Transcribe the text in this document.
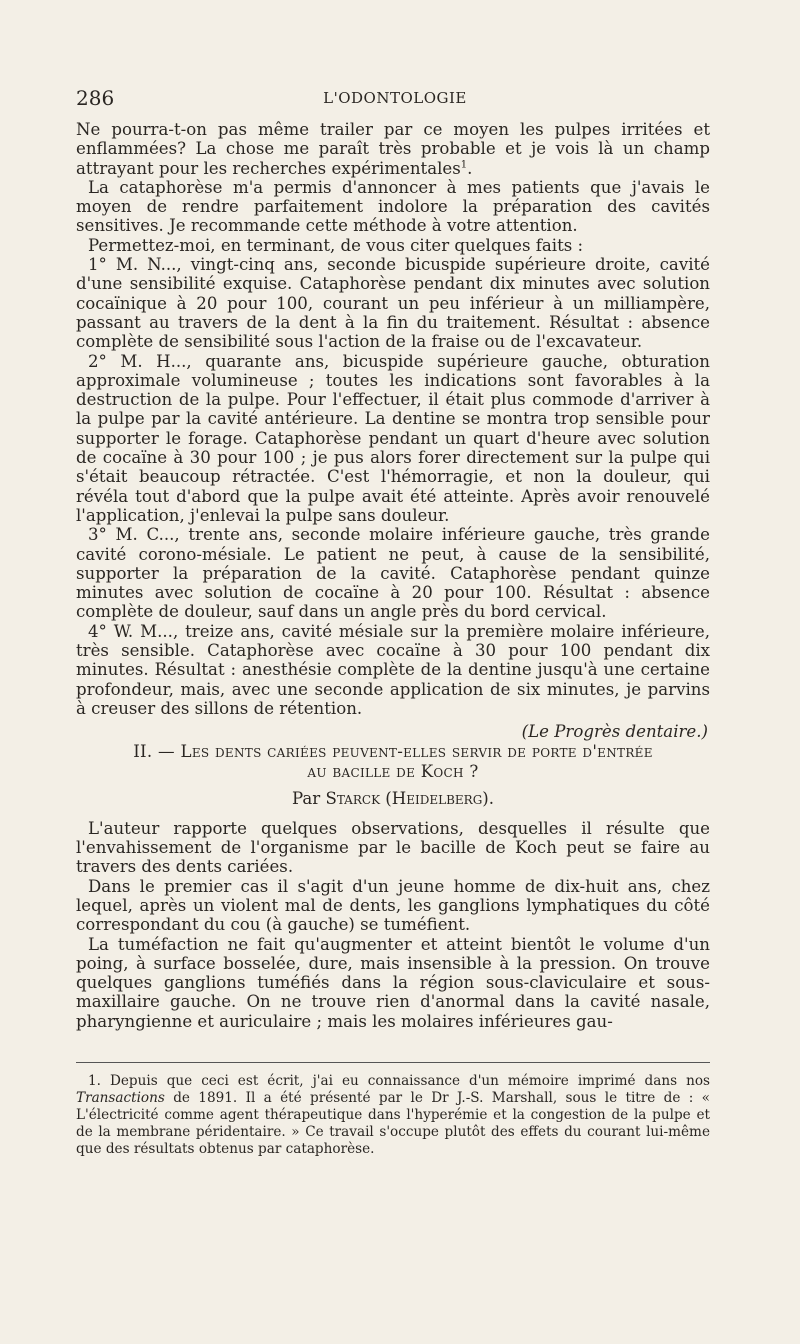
286	L'ODONTOLOGIE

Ne pourra-t-on pas même trailer par ce moyen les pulpes irritées et enflammées? La chose me paraît très probable et je vois là un champ attrayant pour les recherches expérimentales$^1$.

La cataphorèse m'a permis d'annoncer à mes patients que j'avais le moyen de rendre parfaitement indolore la préparation des cavités sensitives. Je recommande cette méthode à votre attention.

Permettez-moi, en terminant, de vous citer quelques faits :

1° M. N..., vingt-cinq ans, seconde bicuspide supérieure droite, cavité d'une sensibilité exquise. Cataphorèse pendant dix minutes avec solution cocaïnique à 20 pour 100, courant un peu inférieur à un milliampère, passant au travers de la dent à la fin du traitement. Résultat : absence complète de sensibilité sous l'action de la fraise ou de l'excavateur.

2° M. H..., quarante ans, bicuspide supérieure gauche, obturation approximale volumineuse ; toutes les indications sont favorables à la destruction de la pulpe. Pour l'effectuer, il était plus commode d'arriver à la pulpe par la cavité antérieure. La dentine se montra trop sensible pour supporter le forage. Cataphorèse pendant un quart d'heure avec solution de cocaïne à 30 pour 100 ; je pus alors forer directement sur la pulpe qui s'était beaucoup rétractée. C'est l'hémorragie, et non la douleur, qui révéla tout d'abord que la pulpe avait été atteinte. Après avoir renouvelé l'application, j'enlevai la pulpe sans douleur.

3° M. C..., trente ans, seconde molaire inférieure gauche, très grande cavité corono-mésiale. Le patient ne peut, à cause de la sensibilité, supporter la préparation de la cavité. Cataphorèse pendant quinze minutes avec solution de cocaïne à 20 pour 100. Résultat : absence complète de douleur, sauf dans un angle près du bord cervical.

4° W. M..., treize ans, cavité mésiale sur la première molaire inférieure, très sensible. Cataphorèse avec cocaïne à 30 pour 100 pendant dix minutes. Résultat : anesthésie complète de la dentine jusqu'à une certaine profondeur, mais, avec une seconde application de six minutes, je parvins à creuser des sillons de rétention.

(Le Progrès dentaire.)

II. — Les dents cariées peuvent-elles servir de porte d'entrée
au bacille de Koch ?

Par Starck (Heidelberg).

L'auteur rapporte quelques observations, desquelles il résulte que l'envahissement de l'organisme par le bacille de Koch peut se faire au travers des dents cariées.

Dans le premier cas il s'agit d'un jeune homme de dix-huit ans, chez lequel, après un violent mal de dents, les ganglions lymphatiques du côté correspondant du cou (à gauche) se tuméfient.

La tuméfaction ne fait qu'augmenter et atteint bientôt le volume d'un poing, à surface bosselée, dure, mais insensible à la pression. On trouve quelques ganglions tuméfiés dans la région sous-claviculaire et sous-maxillaire gauche. On ne trouve rien d'anormal dans la cavité nasale, pharyngienne et auriculaire ; mais les molaires inférieures gau-

1. Depuis que ceci est écrit, j'ai eu connaissance d'un mémoire imprimé dans nos Transactions de 1891. Il a été présenté par le Dr J.-S. Marshall, sous le titre de : « L'électricité comme agent thérapeutique dans l'hyperémie et la congestion de la pulpe et de la membrane péridentaire. » Ce travail s'occupe plutôt des effets du courant lui-même que des résultats obtenus par cataphorèse.
